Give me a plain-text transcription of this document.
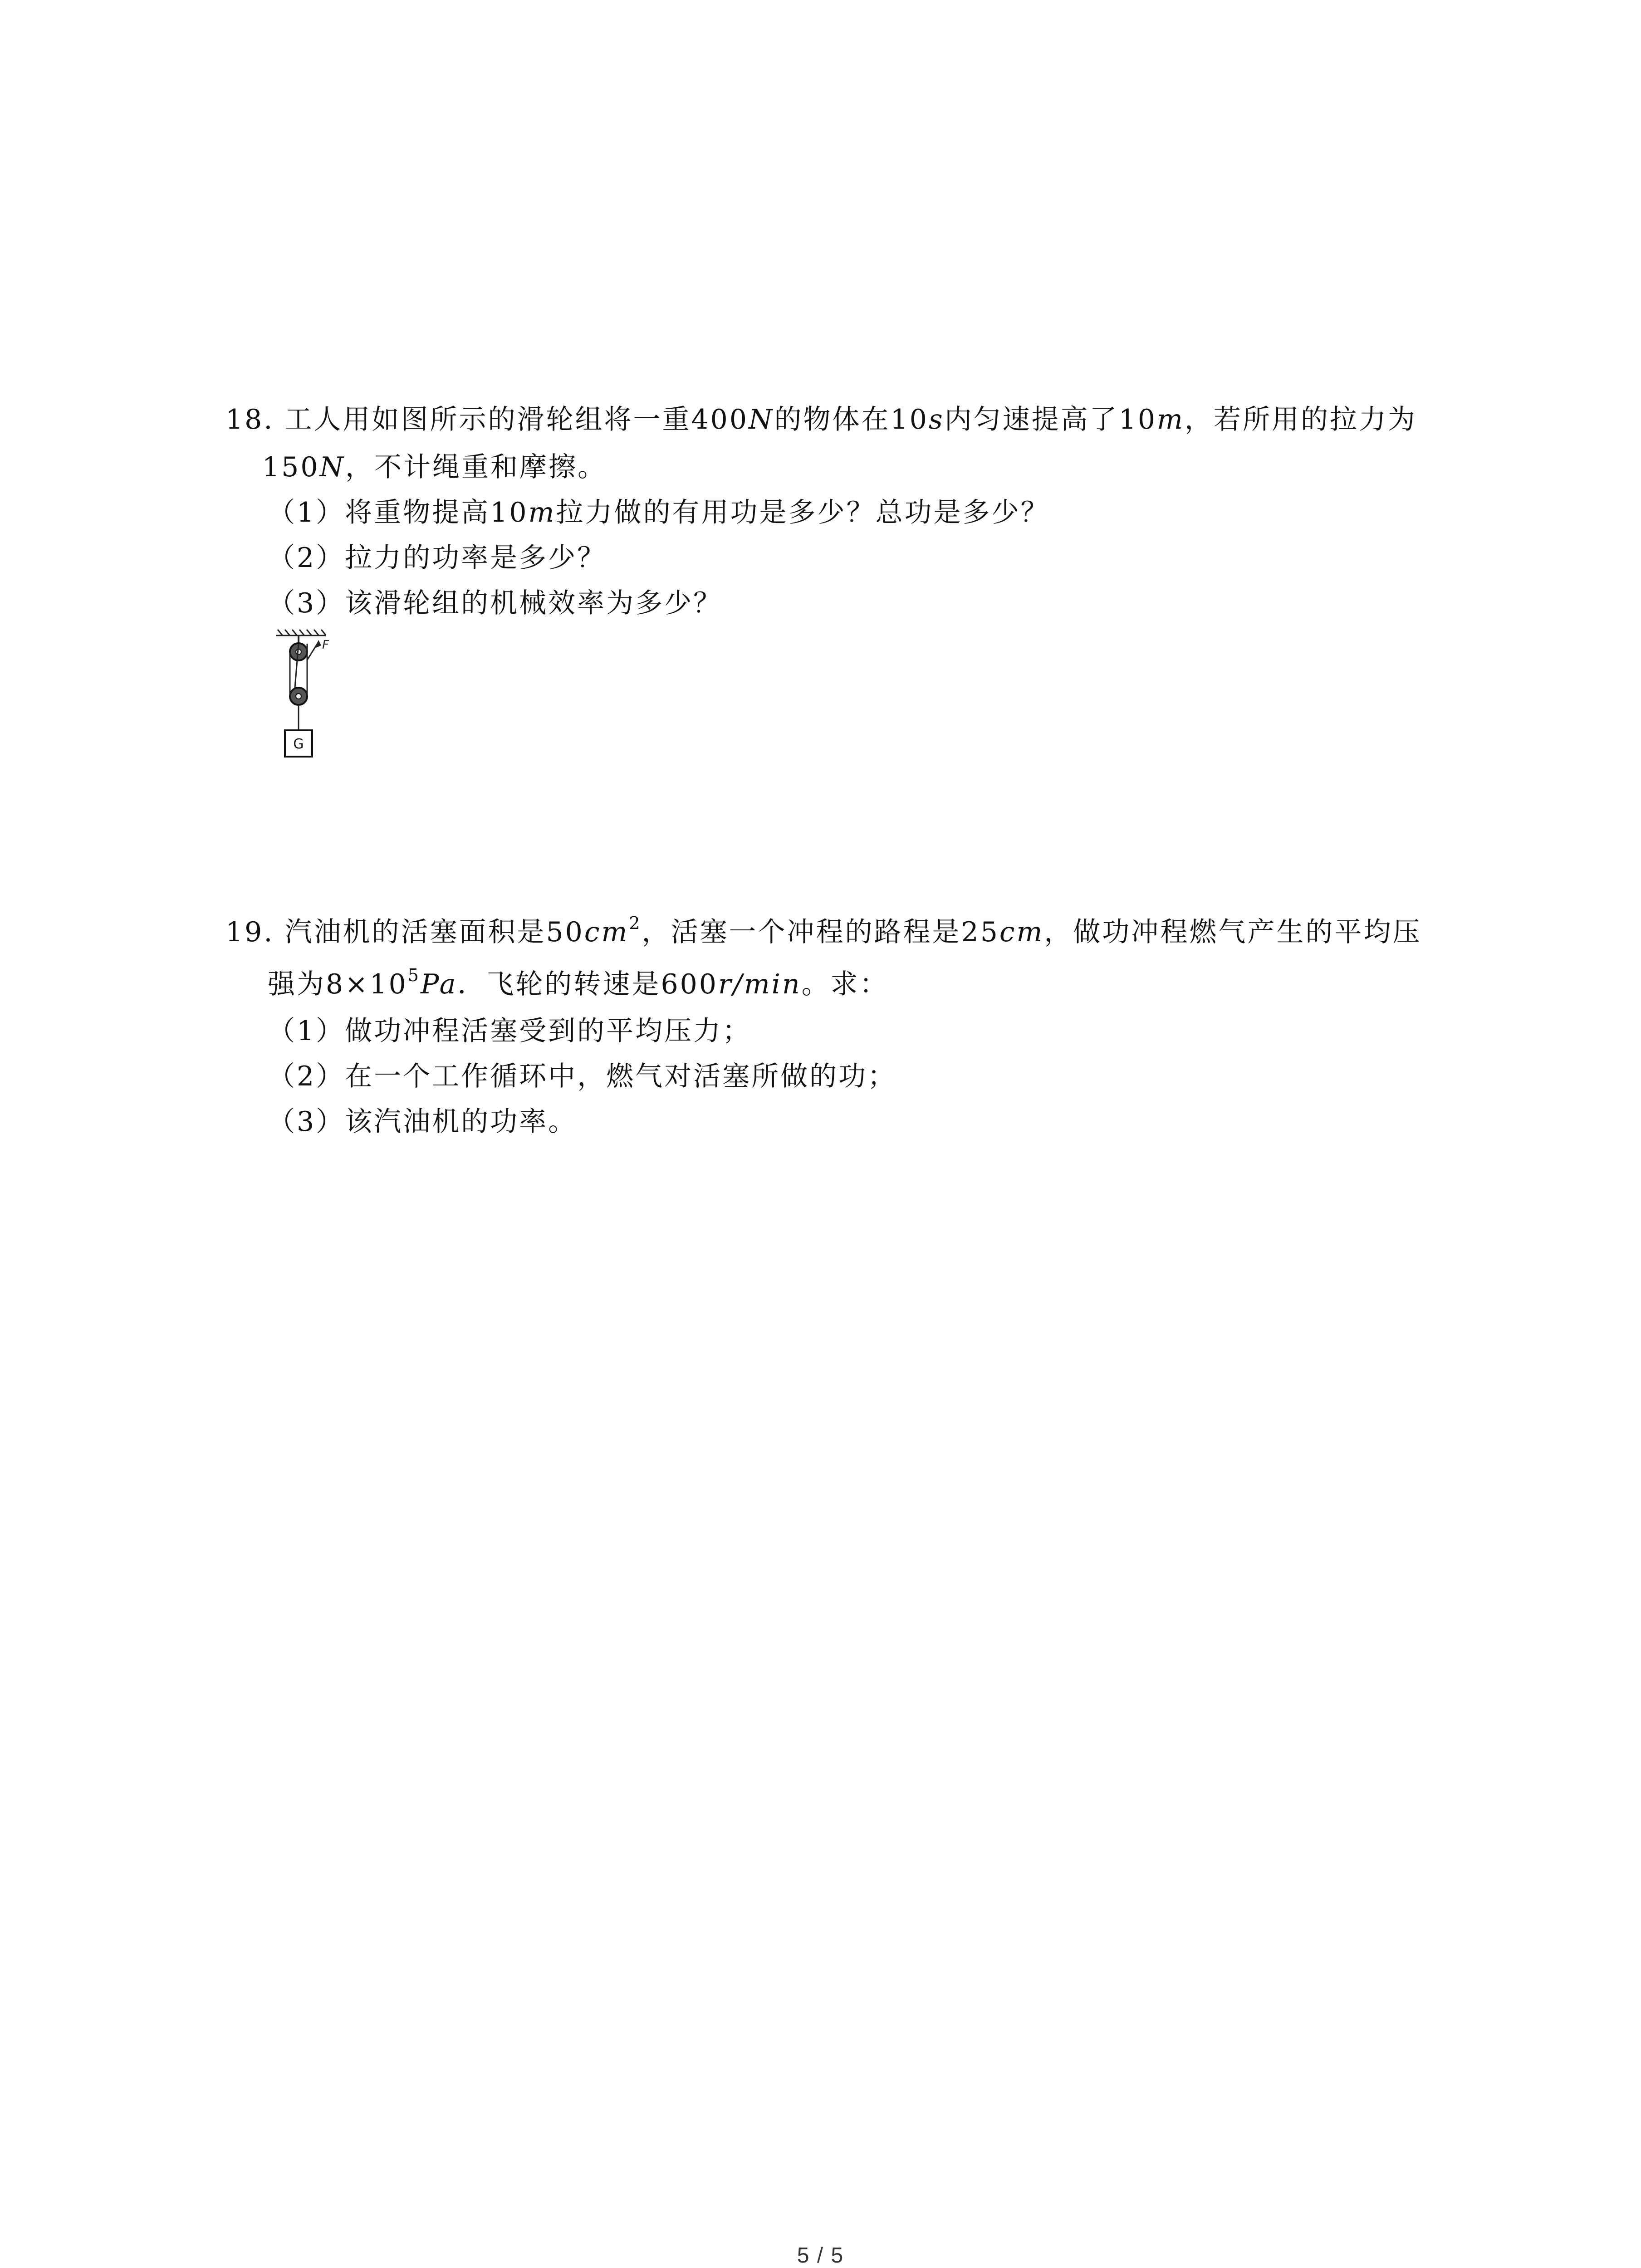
18. 工人用如图所示的滑轮组将一重400N的物体在10s内匀速提高了10m，若所用的拉力为
150N，不计绳重和摩擦。
（1）将重物提高10m拉力做的有用功是多少？总功是多少？
（2）拉力的功率是多少？
（3）该滑轮组的机械效率为多少？
F
G
19. 汽油机的活塞面积是$50cm^2$，活塞一个冲程的路程是25cm，做功冲程燃气产生的平均压
强为$8\times 10^5Pa$．飞轮的转速是600r/min。求：
（1）做功冲程活塞受到的平均压力；
（2）在一个工作循环中，燃气对活塞所做的功；
（3）该汽油机的功率。
5 / 5
